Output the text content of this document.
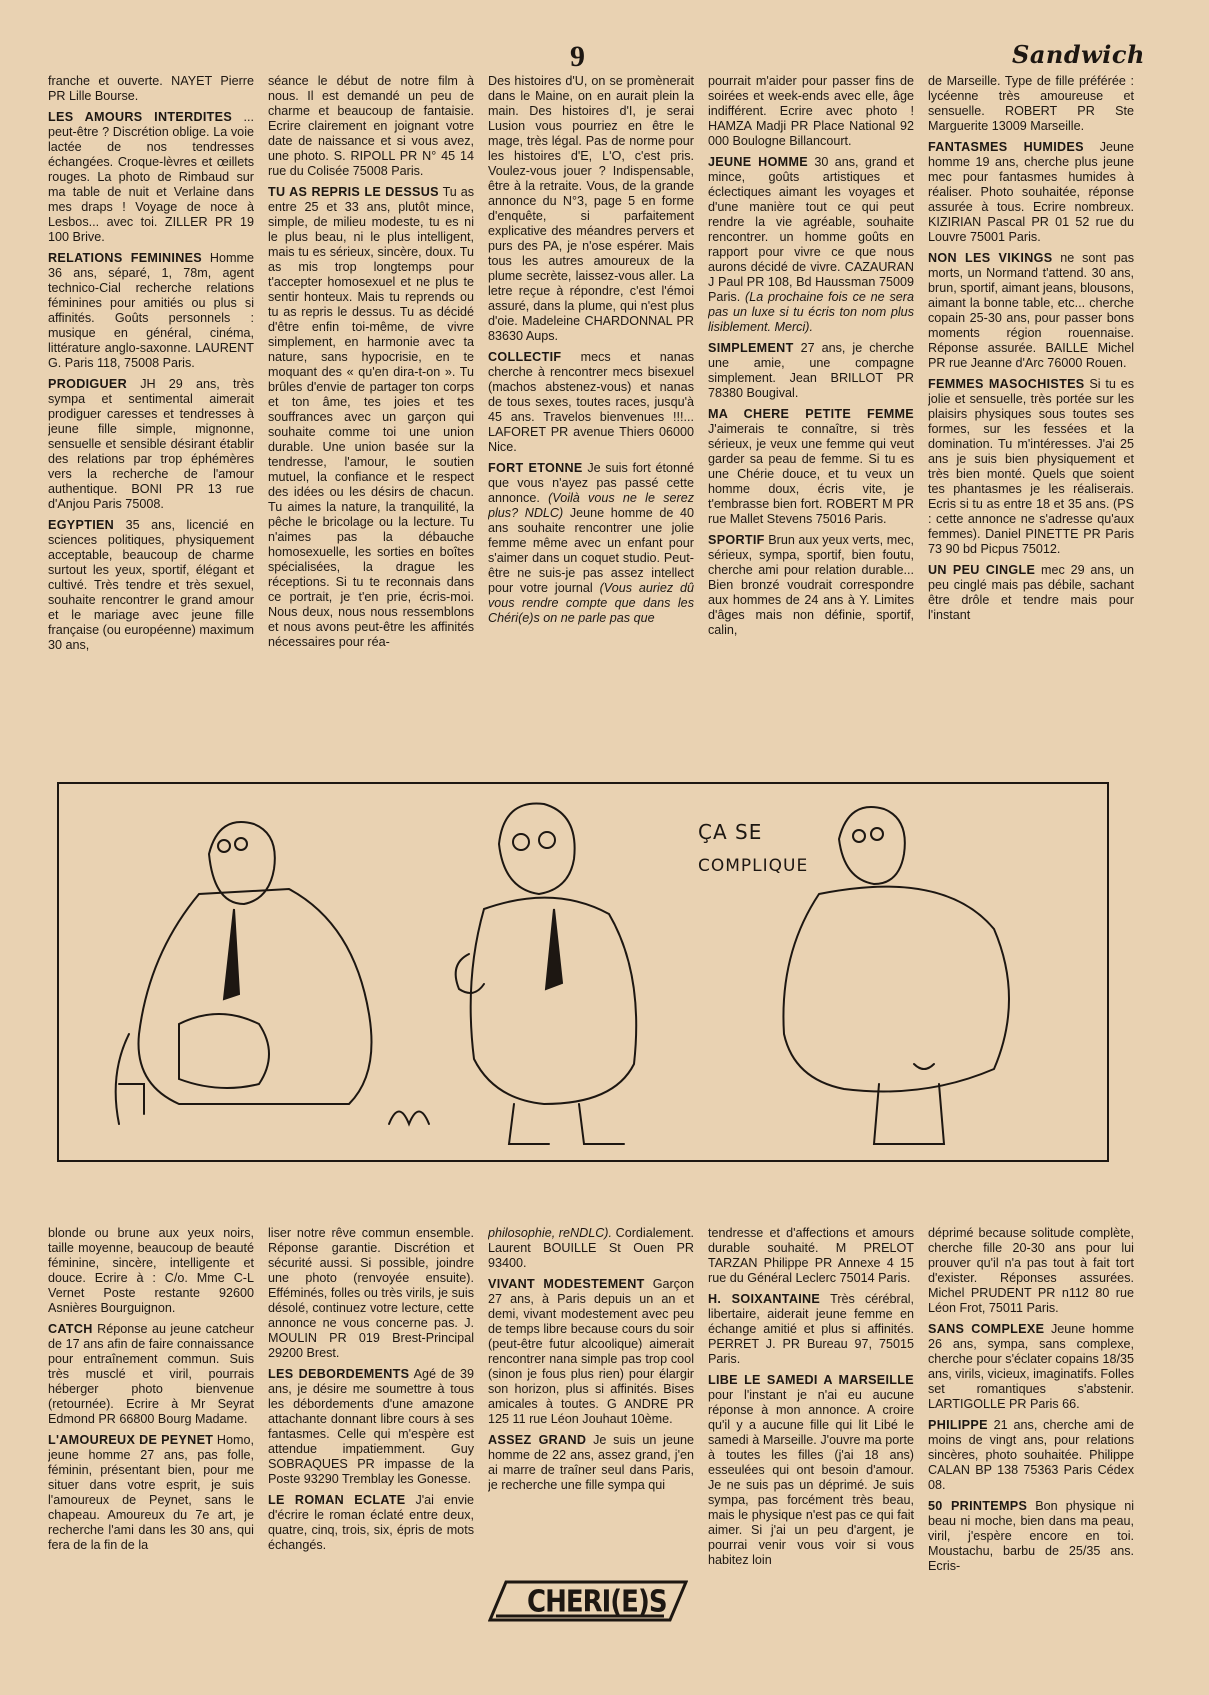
9	Sandwich

franche et ouverte. NAYET Pierre PR Lille Bourse.

LES AMOURS INTERDITES ... peut-être ? Discrétion oblige. La voie lactée de nos tendresses échangées. Croque-lèvres et œillets rouges. La photo de Rimbaud sur ma table de nuit et Verlaine dans mes draps ! Voyage de noce à Lesbos... avec toi. ZILLER PR 19 100 Brive.

RELATIONS FEMININES Homme 36 ans, séparé, 1, 78m, agent technico-Cial recherche relations féminines pour amitiés ou plus si affinités. Goûts personnels : musique en général, cinéma, littérature anglo-saxonne. LAURENT G. Paris 118, 75008 Paris.

PRODIGUER JH 29 ans, très sympa et sentimental aimerait prodiguer caresses et tendresses à jeune fille simple, mignonne, sensuelle et sensible désirant établir des relations par trop éphémères vers la recherche de l'amour authentique. BONI PR 13 rue d'Anjou Paris 75008.

EGYPTIEN 35 ans, licencié en sciences politiques, physiquement acceptable, beaucoup de charme surtout les yeux, sportif, élégant et cultivé. Très tendre et très sexuel, souhaite rencontrer le grand amour et le mariage avec jeune fille française (ou européenne) maximum 30 ans,

séance le début de notre film à nous. Il est demandé un peu de charme et beaucoup de fantaisie. Ecrire clairement en joignant votre date de naissance et si vous avez, une photo. S. RIPOLL PR N° 45 14 rue du Colisée 75008 Paris.

TU AS REPRIS LE DESSUS Tu as entre 25 et 33 ans, plutôt mince, simple, de milieu modeste, tu es ni le plus beau, ni le plus intelligent, mais tu es sérieux, sincère, doux. Tu as mis trop longtemps pour t'accepter homosexuel et ne plus te sentir honteux. Mais tu reprends ou tu as repris le dessus. Tu as décidé d'être enfin toi-même, de vivre simplement, en harmonie avec ta nature, sans hypocrisie, en te moquant des « qu'en dira-t-on ». Tu brûles d'envie de partager ton corps et ton âme, tes joies et tes souffrances avec un garçon qui souhaite comme toi une union durable. Une union basée sur la tendresse, l'amour, le soutien mutuel, la confiance et le respect des idées ou les désirs de chacun. Tu aimes la nature, la tranquilité, la pêche le bricolage ou la lecture. Tu n'aimes pas la débauche homosexuelle, les sorties en boîtes spécialisées, la drague les réceptions. Si tu te reconnais dans ce portrait, je t'en prie, écris-moi. Nous deux, nous nous ressemblons et nous avons peut-être les affinités nécessaires pour réa-

Des histoires d'U, on se promènerait dans le Maine, on en aurait plein la main. Des histoires d'I, je serai Lusion vous pourriez en être le mage, très légal. Pas de norme pour les histoires d'E, L'O, c'est pris. Voulez-vous jouer ? Indispensable, être à la retraite. Vous, de la grande annonce du N°3, page 5 en forme d'enquête, si parfaitement explicative des méandres pervers et purs des PA, je n'ose espérer. Mais tous les autres amoureux de la plume secrète, laissez-vous aller. La letre reçue à répondre, c'est l'émoi assuré, dans la plume, qui n'est plus d'oie. Madeleine CHARDONNAL PR 83630 Aups.

COLLECTIF mecs et nanas cherche à rencontrer mecs bisexuel (machos abstenez-vous) et nanas de tous sexes, toutes races, jusqu'à 45 ans. Travelos bienvenues !!!... LAFORET PR avenue Thiers 06000 Nice.

FORT ETONNE Je suis fort étonné que vous n'ayez pas passé cette annonce. (Voilà vous ne le serez plus? NDLC) Jeune homme de 40 ans souhaite rencontrer une jolie femme même avec un enfant pour s'aimer dans un coquet studio. Peut-être ne suis-je pas assez intellect pour votre journal (Vous auriez dû vous rendre compte que dans les Chéri(e)s on ne parle pas que

pourrait m'aider pour passer fins de soirées et week-ends avec elle, âge indifférent. Ecrire avec photo ! HAMZA Madji PR Place National 92 000 Boulogne Billancourt.

JEUNE HOMME 30 ans, grand et mince, goûts artistiques et éclectiques aimant les voyages et d'une manière tout ce qui peut rendre la vie agréable, souhaite rencontrer. un homme goûts en rapport pour vivre ce que nous aurons décidé de vivre. CAZAURAN J Paul PR 108, Bd Haussman 75009 Paris. (La prochaine fois ce ne sera pas un luxe si tu écris ton nom plus lisiblement. Merci).

SIMPLEMENT 27 ans, je cherche une amie, une compagne simplement. Jean BRILLOT PR 78380 Bougival.

MA CHERE PETITE FEMME J'aimerais te connaître, si très sérieux, je veux une femme qui veut garder sa peau de femme. Si tu es une Chérie douce, et tu veux un homme doux, écris vite, je t'embrasse bien fort. ROBERT M PR rue Mallet Stevens 75016 Paris.

SPORTIF Brun aux yeux verts, mec, sérieux, sympa, sportif, bien foutu, cherche ami pour relation durable... Bien bronzé voudrait correspondre aux hommes de 24 ans à Y. Limites d'âges mais non définie, sportif, calin,

de Marseille. Type de fille préférée : lycéenne très amoureuse et sensuelle. ROBERT PR Ste Marguerite 13009 Marseille.

FANTASMES HUMIDES Jeune homme 19 ans, cherche plus jeune mec pour fantasmes humides à réaliser. Photo souhaitée, réponse assurée à tous. Ecrire nombreux. KIZIRIAN Pascal PR 01 52 rue du Louvre 75001 Paris.

NON LES VIKINGS ne sont pas morts, un Normand t'attend. 30 ans, brun, sportif, aimant jeans, blousons, aimant la bonne table, etc... cherche copain 25-30 ans, pour passer bons moments région rouennaise. Réponse assurée. BAILLE Michel PR rue Jeanne d'Arc 76000 Rouen.

FEMMES MASOCHISTES Si tu es jolie et sensuelle, très portée sur les plaisirs physiques sous toutes ses formes, sur les fessées et la domination. Tu m'intéresses. J'ai 25 ans je suis bien physiquement et très bien monté. Quels que soient tes phantasmes je les réaliserais. Ecris si tu as entre 18 et 35 ans. (PS : cette annonce ne s'adresse qu'aux femmes). Daniel PINETTE PR Paris 73 90 bd Picpus 75012.

UN PEU CINGLE mec 29 ans, un peu cinglé mais pas débile, sachant être drôle et tendre mais pour l'instant

ÇA SE
COMPLIQUE

blonde ou brune aux yeux noirs, taille moyenne, beaucoup de beauté féminine, sincère, intelligente et douce. Ecrire à : C/o. Mme C-L Vernet Poste restante 92600 Asnières Bourguignon.

CATCH Réponse au jeune catcheur de 17 ans afin de faire connaissance pour entraînement commun. Suis très musclé et viril, pourrais héberger photo bienvenue (retournée). Ecrire à Mr Seyrat Edmond PR 66800 Bourg Madame.

L'AMOUREUX DE PEYNET Homo, jeune homme 27 ans, pas folle, féminin, présentant bien, pour me situer dans votre esprit, je suis l'amoureux de Peynet, sans le chapeau. Amoureux du 7e art, je recherche l'ami dans les 30 ans, qui fera de la fin de la

liser notre rêve commun ensemble. Réponse garantie. Discrétion et sécurité aussi. Si possible, joindre une photo (renvoyée ensuite). Efféminés, folles ou très virils, je suis désolé, continuez votre lecture, cette annonce ne vous concerne pas. J. MOULIN PR 019 Brest-Principal 29200 Brest.

LES DEBORDEMENTS Agé de 39 ans, je désire me soumettre à tous les débordements d'une amazone attachante donnant libre cours à ses fantasmes. Celle qui m'espère est attendue impatiemment. Guy SOBRAQUES PR impasse de la Poste 93290 Tremblay les Gonesse.

LE ROMAN ECLATE J'ai envie d'écrire le roman éclaté entre deux, quatre, cinq, trois, six, épris de mots échangés.

philosophie, reNDLC). Cordialement. Laurent BOUILLE St Ouen PR 93400.

VIVANT MODESTEMENT Garçon 27 ans, à Paris depuis un an et demi, vivant modestement avec peu de temps libre because cours du soir (peut-être futur alcoolique) aimerait rencontrer nana simple pas trop cool (sinon je fous plus rien) pour élargir son horizon, plus si affinités. Bises amicales à toutes. G ANDRE PR 125 11 rue Léon Jouhaut 10ème.

ASSEZ GRAND Je suis un jeune homme de 22 ans, assez grand, j'en ai marre de traîner seul dans Paris, je recherche une fille sympa qui

tendresse et d'affections et amours durable souhaité. M PRELOT TARZAN Philippe PR Annexe 4 15 rue du Général Leclerc 75014 Paris.

H. SOIXANTAINE Très cérébral, libertaire, aiderait jeune femme en échange amitié et plus si affinités. PERRET J. PR Bureau 97, 75015 Paris.

LIBE LE SAMEDI A MARSEILLE pour l'instant je n'ai eu aucune réponse à mon annonce. A croire qu'il y a aucune fille qui lit Libé le samedi à Marseille. J'ouvre ma porte à toutes les filles (j'ai 18 ans) esseulées qui ont besoin d'amour. Je ne suis pas un déprimé. Je suis sympa, pas forcément très beau, mais le physique n'est pas ce qui fait aimer. Si j'ai un peu d'argent, je pourrai venir vous voir si vous habitez loin

déprimé because solitude complète, cherche fille 20-30 ans pour lui prouver qu'il n'a pas tout à fait tort d'exister. Réponses assurées. Michel PRUDENT PR n112 80 rue Léon Frot, 75011 Paris.

SANS COMPLEXE Jeune homme 26 ans, sympa, sans complexe, cherche pour s'éclater copains 18/35 ans, virils, vicieux, imaginatifs. Folles set romantiques s'abstenir. LARTIGOLLE PR Paris 66.

PHILIPPE 21 ans, cherche ami de moins de vingt ans, pour relations sincères, photo souhaitée. Philippe CALAN BP 138 75363 Paris Cédex 08.

50 PRINTEMPS Bon physique ni beau ni moche, bien dans ma peau, viril, j'espère encore en toi. Moustachu, barbu de 25/35 ans. Ecris-

CHERI(E)S
